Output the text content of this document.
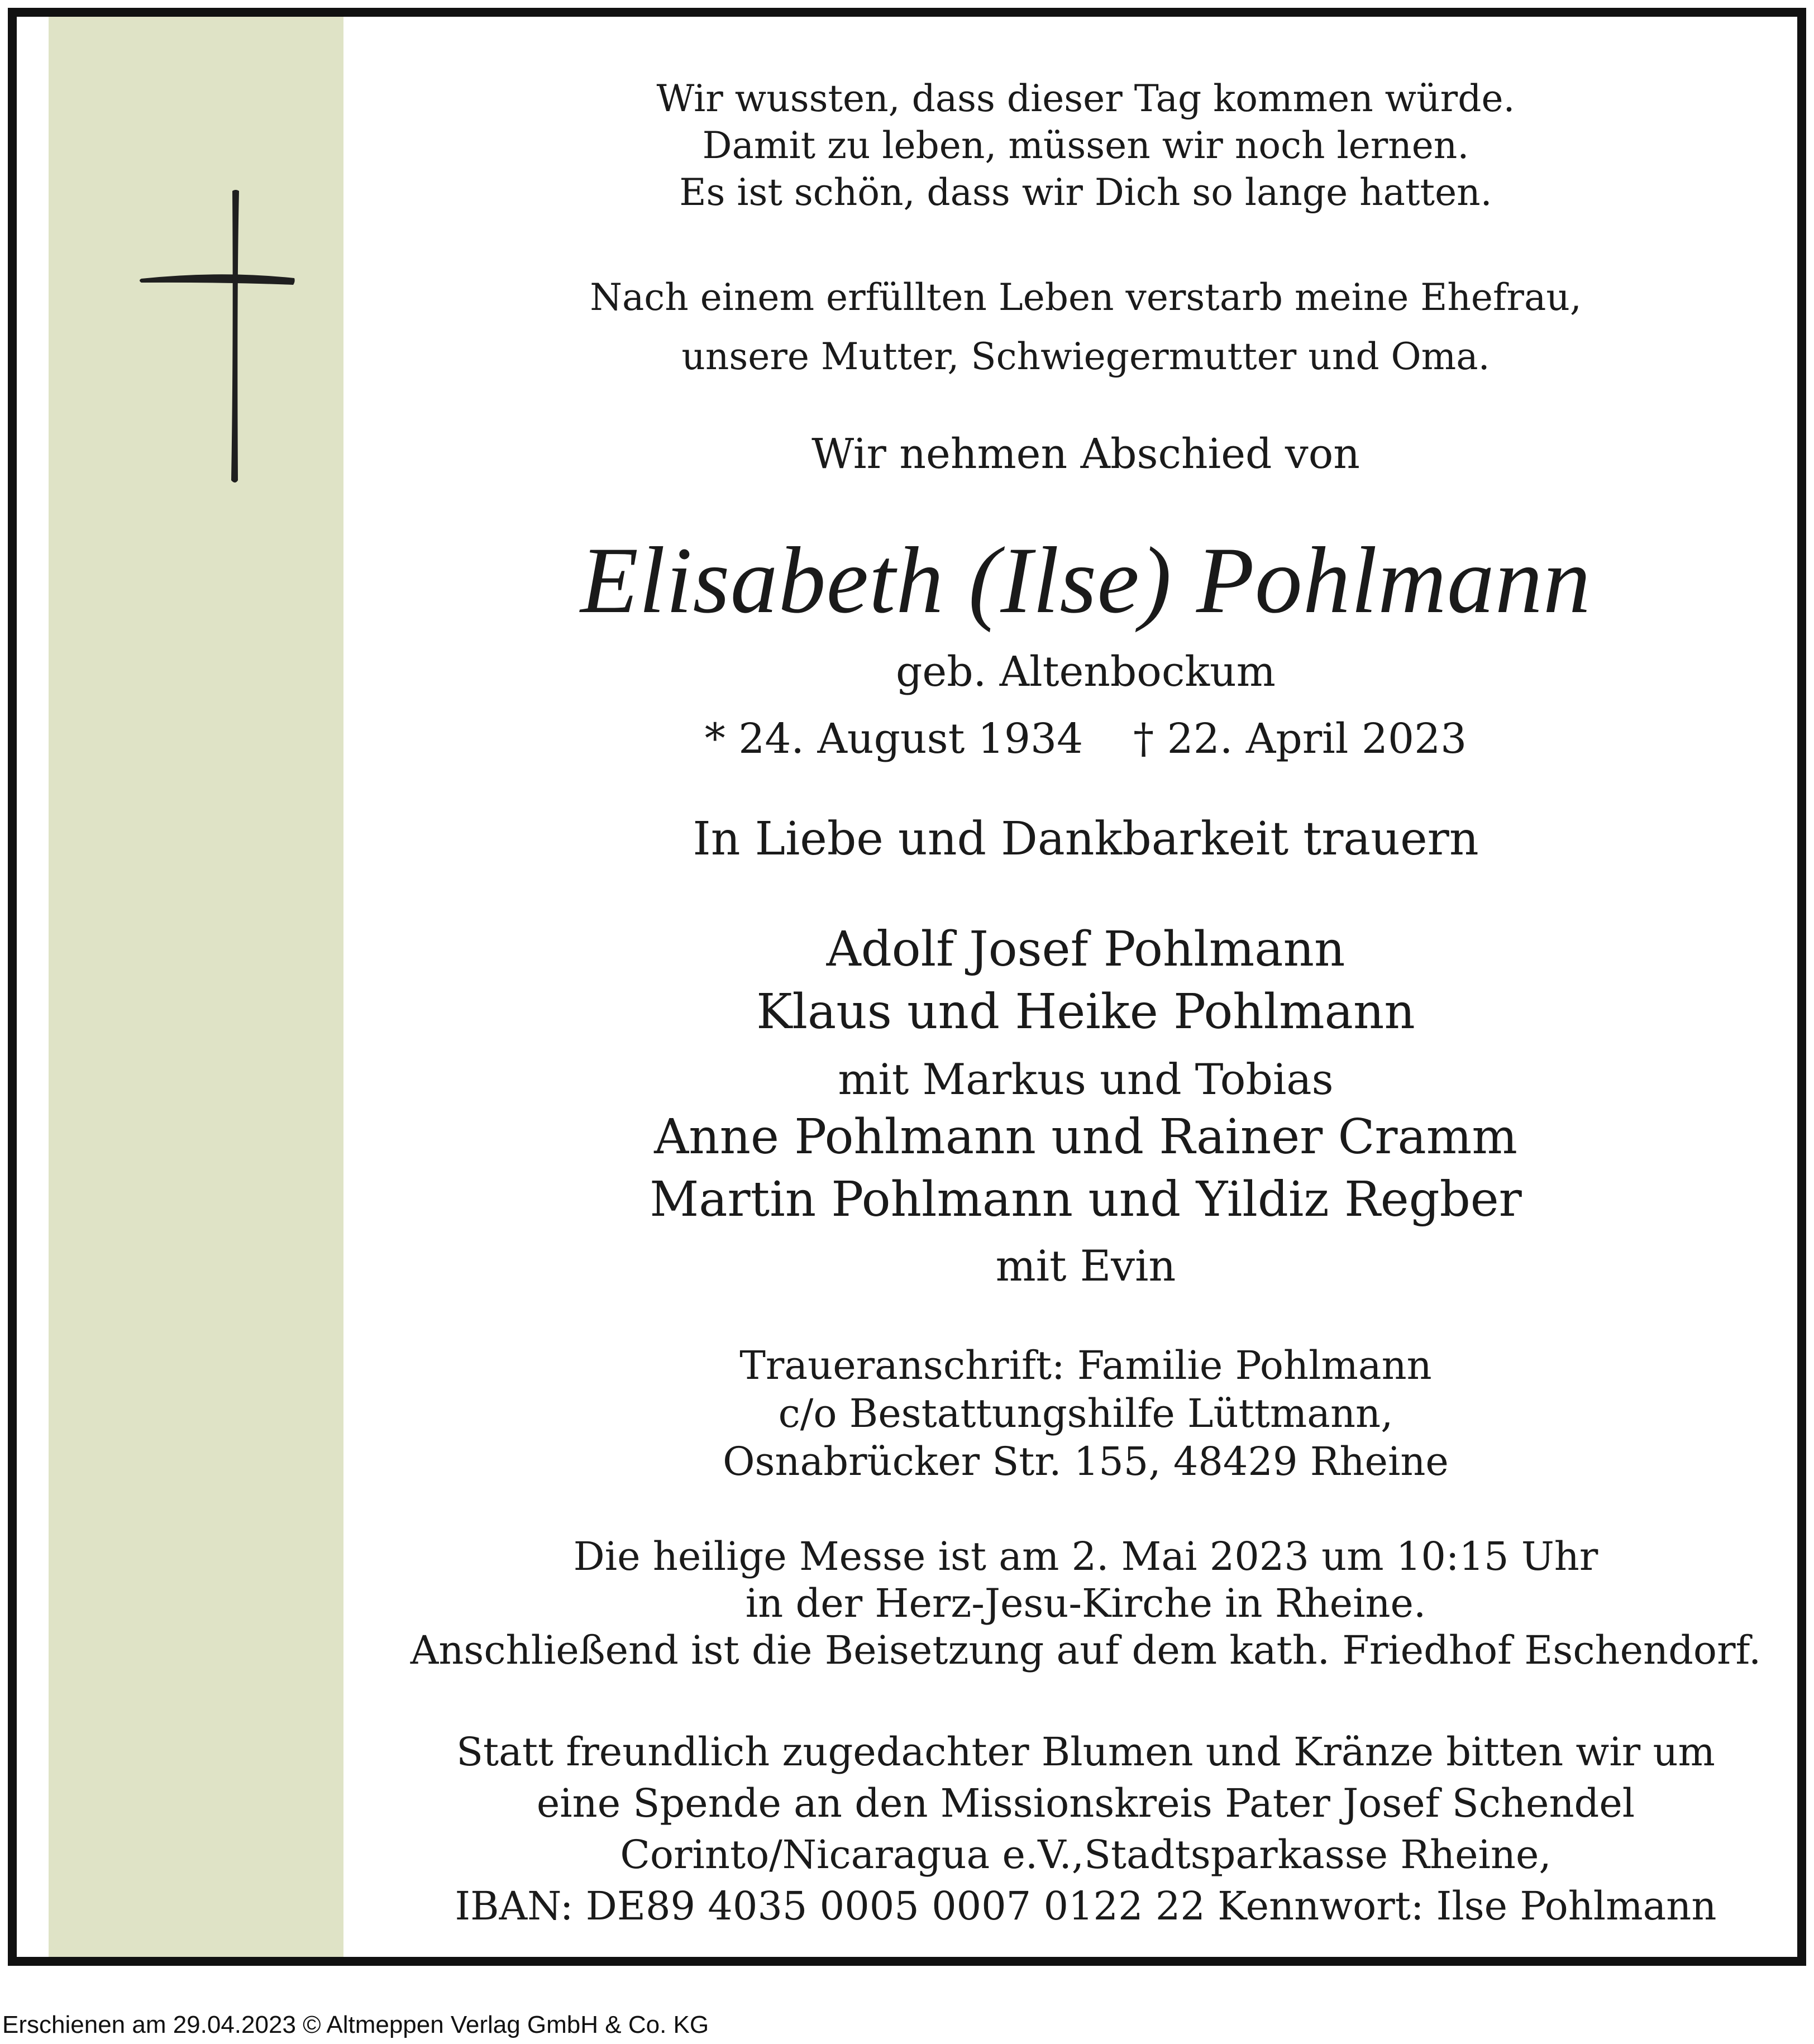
Wir wussten, dass dieser Tag kommen würde.
Damit zu leben, müssen wir noch lernen.
Es ist schön, dass wir Dich so lange hatten.
Nach einem erfüllten Leben verstarb meine Ehefrau,
unsere Mutter, Schwiegermutter und Oma.
Wir nehmen Abschied von
Elisabeth (Ilse) Pohlmann
geb. Altenbockum
* 24. August 1934 † 22. April 2023
In Liebe und Dankbarkeit trauern
Adolf Josef Pohlmann
Klaus und Heike Pohlmann
mit Markus und Tobias
Anne Pohlmann und Rainer Cramm
Martin Pohlmann und Yildiz Regber
mit Evin
Traueranschrift: Familie Pohlmann
c/o Bestattungshilfe Lüttmann,
Osnabrücker Str. 155, 48429 Rheine
Die heilige Messe ist am 2. Mai 2023 um 10:15 Uhr
in der Herz-Jesu-Kirche in Rheine.
Anschließend ist die Beisetzung auf dem kath. Friedhof Eschendorf.
Statt freundlich zugedachter Blumen und Kränze bitten wir um
eine Spende an den Missionskreis Pater Josef Schendel
Corinto/Nicaragua e.V.,Stadtsparkasse Rheine,
IBAN: DE89 4035 0005 0007 0122 22 Kennwort: Ilse Pohlmann
Erschienen am 29.04.2023 © Altmeppen Verlag GmbH & Co. KG
